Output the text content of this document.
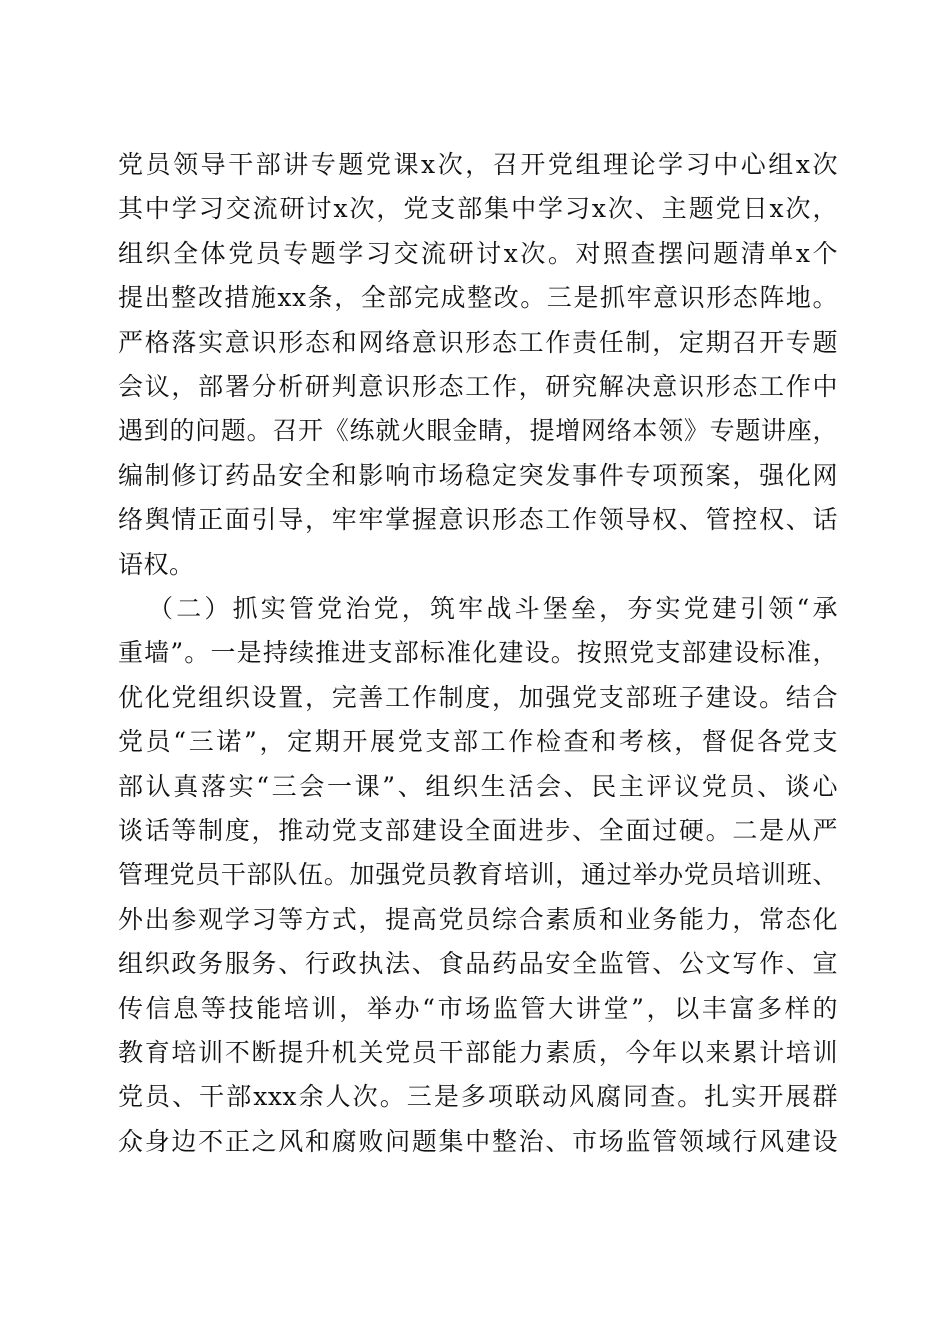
党员领导干部讲专题党课x次，召开党组理论学习中心组x次
其中学习交流研讨x次，党支部集中学习x次、主题党日x次，
组织全体党员专题学习交流研讨x次。对照查摆问题清单x个
提出整改措施xx条，全部完成整改。三是抓牢意识形态阵地。
严格落实意识形态和网络意识形态工作责任制，定期召开专题
会议，部署分析研判意识形态工作，研究解决意识形态工作中
遇到的问题。召开《练就火眼金睛，提增网络本领》专题讲座，
编制修订药品安全和影响市场稳定突发事件专项预案，强化网
络舆情正面引导，牢牢掌握意识形态工作领导权、管控权、话
语权。
（二）抓实管党治党，筑牢战斗堡垒，夯实党建引领“承
重墙”。一是持续推进支部标准化建设。按照党支部建设标准，
优化党组织设置，完善工作制度，加强党支部班子建设。结合
党员“三诺”，定期开展党支部工作检查和考核，督促各党支
部认真落实“三会一课”、组织生活会、民主评议党员、谈心
谈话等制度，推动党支部建设全面进步、全面过硬。二是从严
管理党员干部队伍。加强党员教育培训，通过举办党员培训班、
外出参观学习等方式，提高党员综合素质和业务能力，常态化
组织政务服务、行政执法、食品药品安全监管、公文写作、宣
传信息等技能培训，举办“市场监管大讲堂”，以丰富多样的
教育培训不断提升机关党员干部能力素质，今年以来累计培训
党员、干部xxx余人次。三是多项联动风腐同查。扎实开展群
众身边不正之风和腐败问题集中整治、市场监管领域行风建设
